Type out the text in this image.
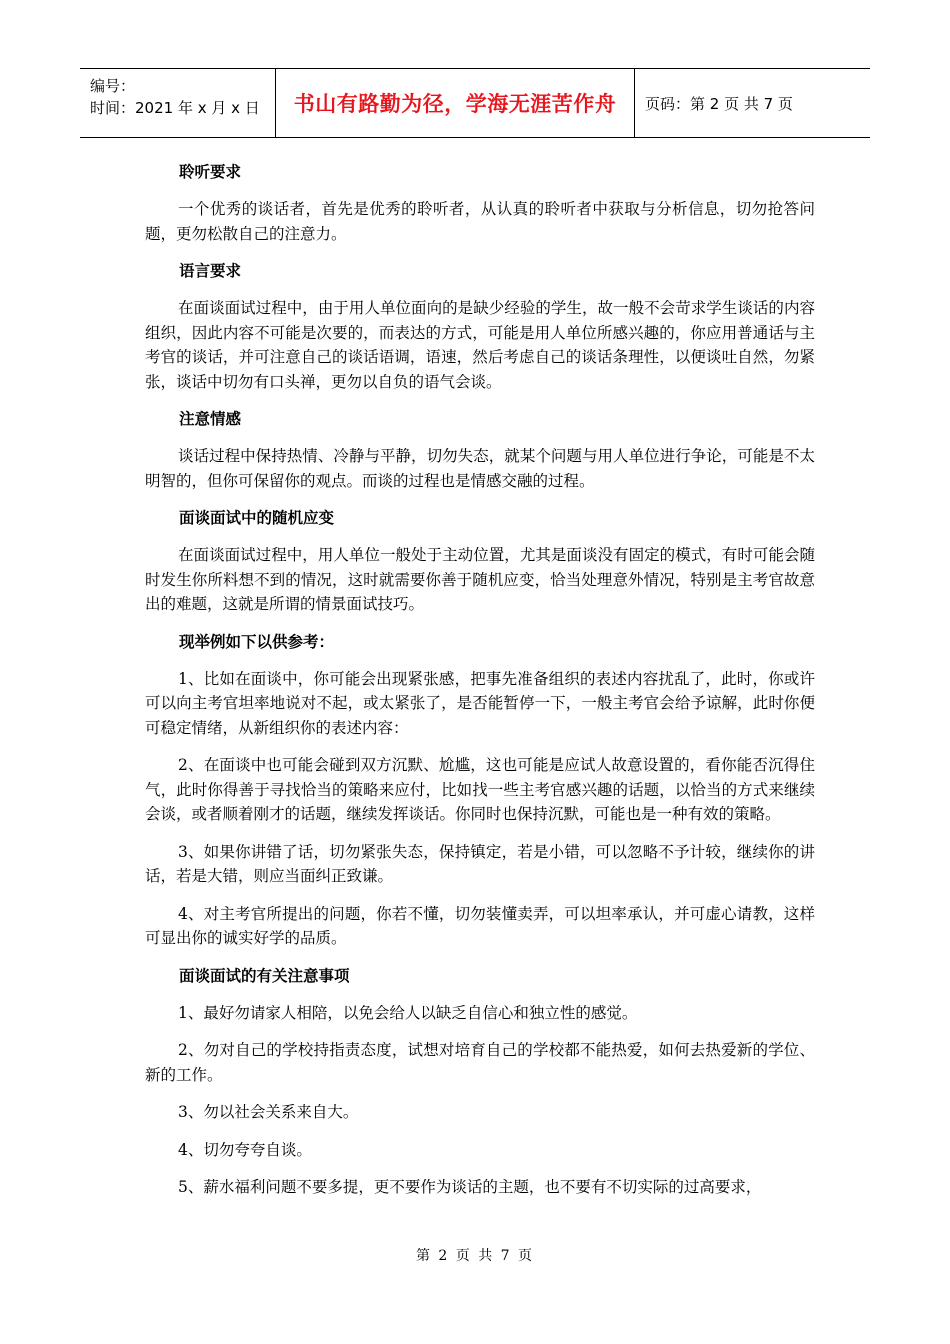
编号：
时间：2021 年 x 月 x 日	书山有路勤为径，学海无涯苦作舟	页码：第 2 页 共 7 页
聆听要求

一个优秀的谈话者，首先是优秀的聆听者，从认真的聆听者中获取与分析信息，切勿抢答问题，更勿松散自己的注意力。

语言要求

在面谈面试过程中，由于用人单位面向的是缺少经验的学生，故一般不会苛求学生谈话的内容组织，因此内容不可能是次要的，而表达的方式，可能是用人单位所感兴趣的，你应用普通话与主考官的谈话，并可注意自己的谈话语调，语速，然后考虑自己的谈话条理性，以便谈吐自然，勿紧张，谈话中切勿有口头禅，更勿以自负的语气会谈。

注意情感

谈话过程中保持热情、冷静与平静，切勿失态，就某个问题与用人单位进行争论，可能是不太明智的，但你可保留你的观点。而谈的过程也是情感交融的过程。

面谈面试中的随机应变

在面谈面试过程中，用人单位一般处于主动位置，尤其是面谈没有固定的模式，有时可能会随时发生你所料想不到的情况，这时就需要你善于随机应变，恰当处理意外情况，特别是主考官故意出的难题，这就是所谓的情景面试技巧。

现举例如下以供参考：

1、比如在面谈中，你可能会出现紧张感，把事先准备组织的表述内容扰乱了，此时，你或许可以向主考官坦率地说对不起，或太紧张了，是否能暂停一下，一般主考官会给予谅解，此时你便可稳定情绪，从新组织你的表述内容：

2、在面谈中也可能会碰到双方沉默、尬尴，这也可能是应试人故意设置的，看你能否沉得住气，此时你得善于寻找恰当的策略来应付，比如找一些主考官感兴趣的话题，以恰当的方式来继续会谈，或者顺着刚才的话题，继续发挥谈话。你同时也保持沉默，可能也是一种有效的策略。

3、如果你讲错了话，切勿紧张失态，保持镇定，若是小错，可以忽略不予计较，继续你的讲话，若是大错，则应当面纠正致谦。

4、对主考官所提出的问题，你若不懂，切勿装懂卖弄，可以坦率承认，并可虚心请教，这样可显出你的诚实好学的品质。

面谈面试的有关注意事项

1、最好勿请家人相陪，以免会给人以缺乏自信心和独立性的感觉。

2、勿对自己的学校持指责态度，试想对培育自己的学校都不能热爱，如何去热爱新的学位、新的工作。

3、勿以社会关系来自大。

4、切勿夸夸自谈。

5、薪水福利问题不要多提，更不要作为谈话的主题，也不要有不切实际的过高要求，

第 2 页 共 7 页
